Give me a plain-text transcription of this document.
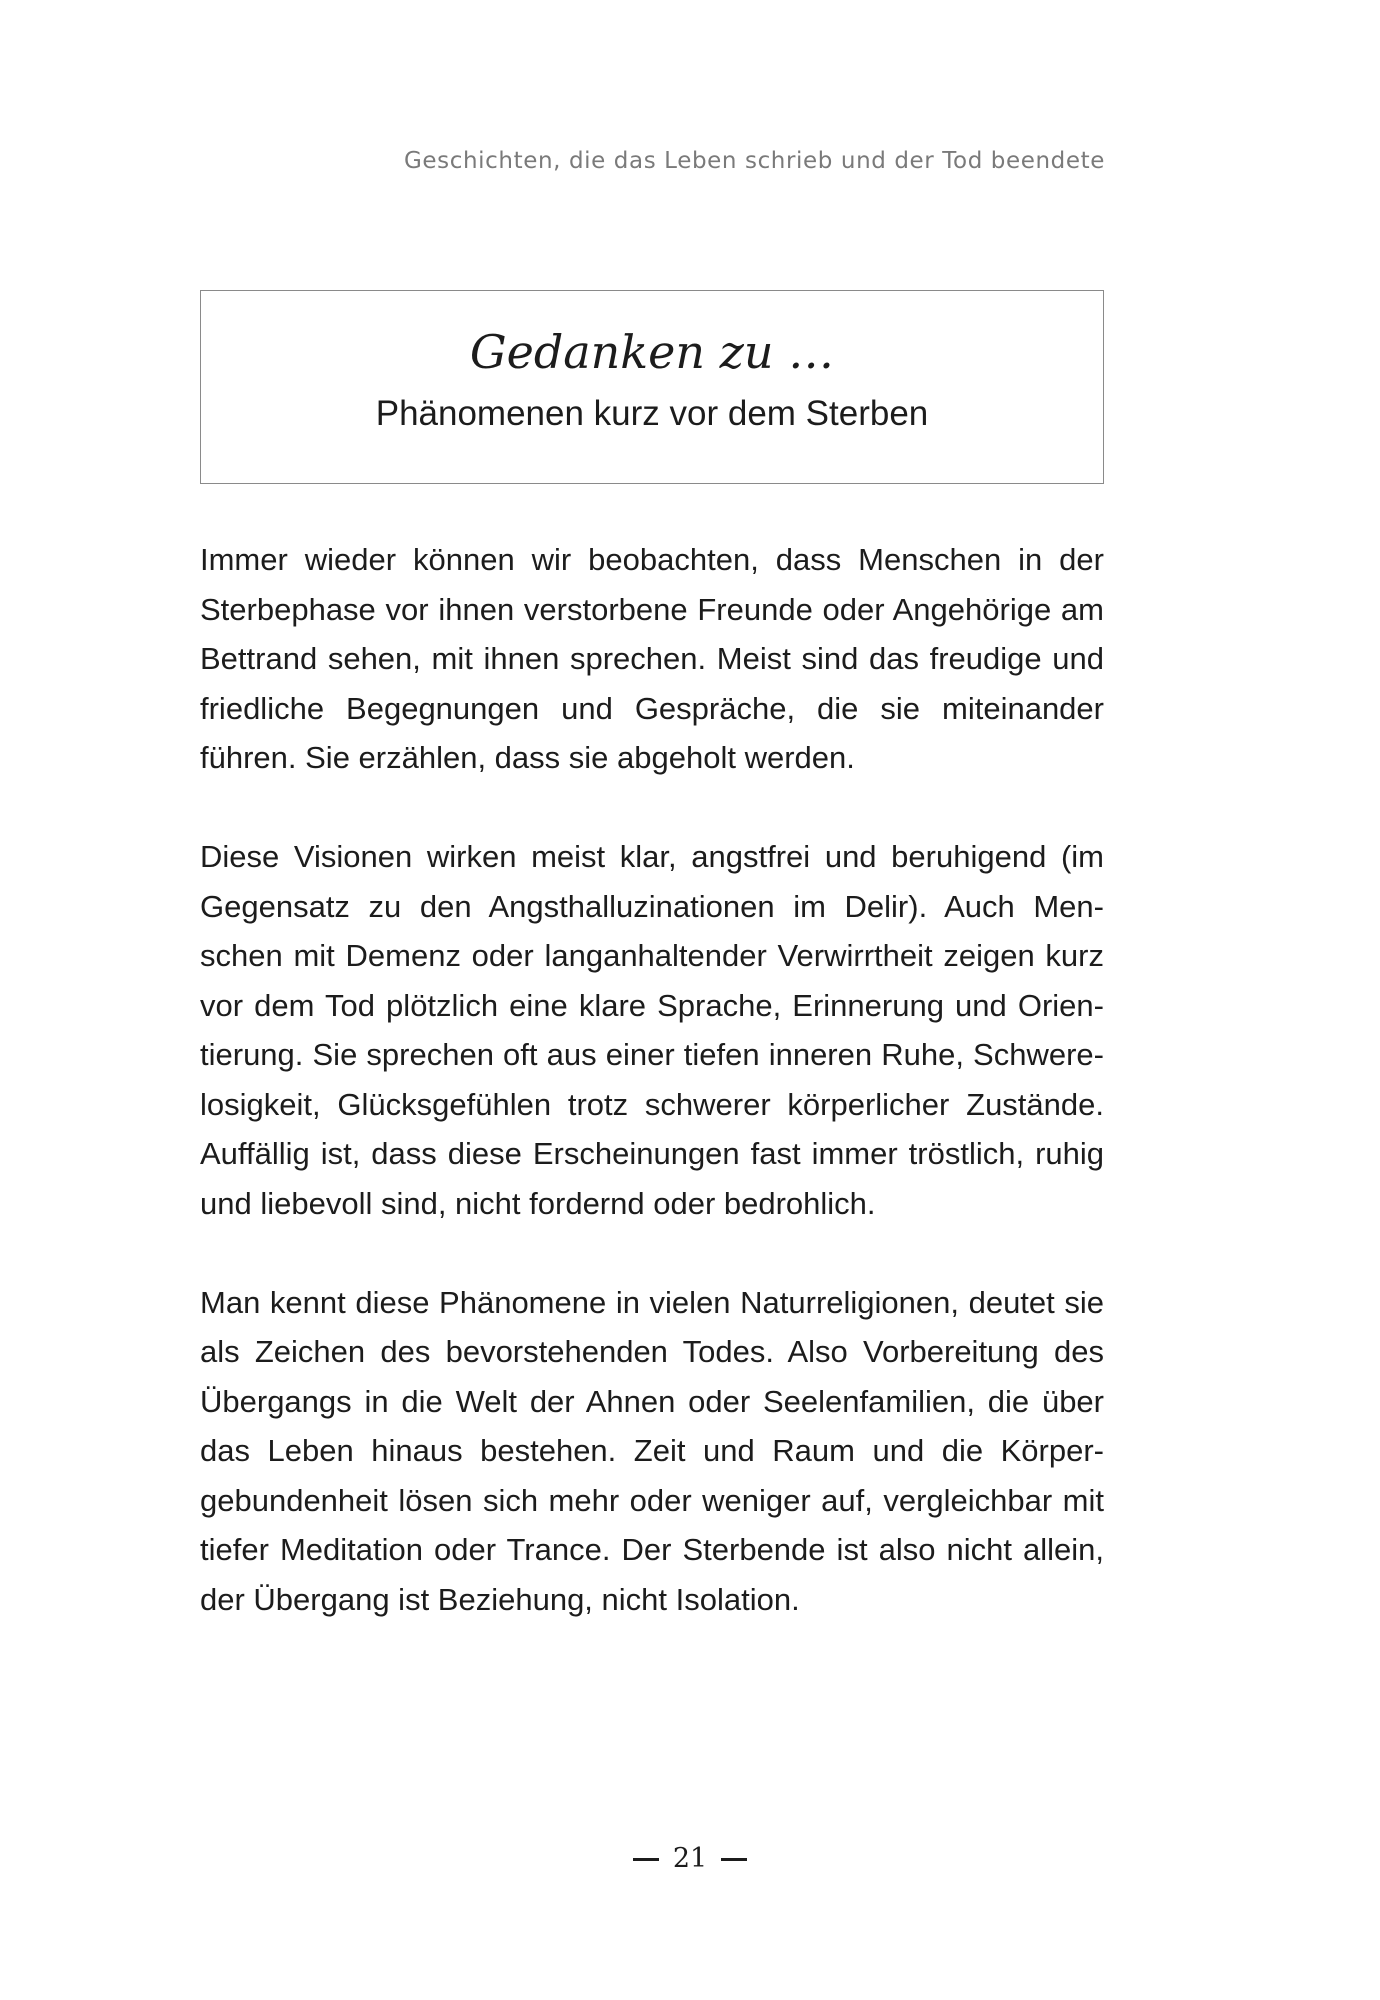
Geschichten, die das Leben schrieb und der Tod beendete
Gedanken zu …
Phänomenen kurz vor dem Sterben

Immer wieder können wir beobachten, dass Menschen in der Sterbephase vor ihnen verstorbene Freunde oder Angehörige am Bettrand sehen, mit ihnen sprechen. Meist sind das freudige und friedliche Begegnungen und Gespräche, die sie miteinander führen. Sie erzählen, dass sie abgeholt werden.

Diese Visionen wirken meist klar, angstfrei und beruhigend (im Gegensatz zu den Angsthalluzinationen im Delir). Auch Menschen mit Demenz oder langanhaltender Verwirrtheit zeigen kurz vor dem Tod plötzlich eine klare Sprache, Erinnerung und Orientierung. Sie sprechen oft aus einer tiefen inneren Ruhe, Schwerelosigkeit, Glücksgefühlen trotz schwerer körperlicher Zustände. Auffällig ist, dass diese Erscheinungen fast immer tröstlich, ruhig und liebevoll sind, nicht fordernd oder bedrohlich.

Man kennt diese Phänomene in vielen Naturreligionen, deutet sie als Zeichen des bevorstehenden Todes. Also Vorbereitung des Übergangs in die Welt der Ahnen oder Seelenfamilien, die über das Leben hinaus bestehen. Zeit und Raum und die Körpergebundenheit lösen sich mehr oder weniger auf, vergleichbar mit tiefer Meditation oder Trance. Der Sterbende ist also nicht allein, der Übergang ist Beziehung, nicht Isolation.

21
